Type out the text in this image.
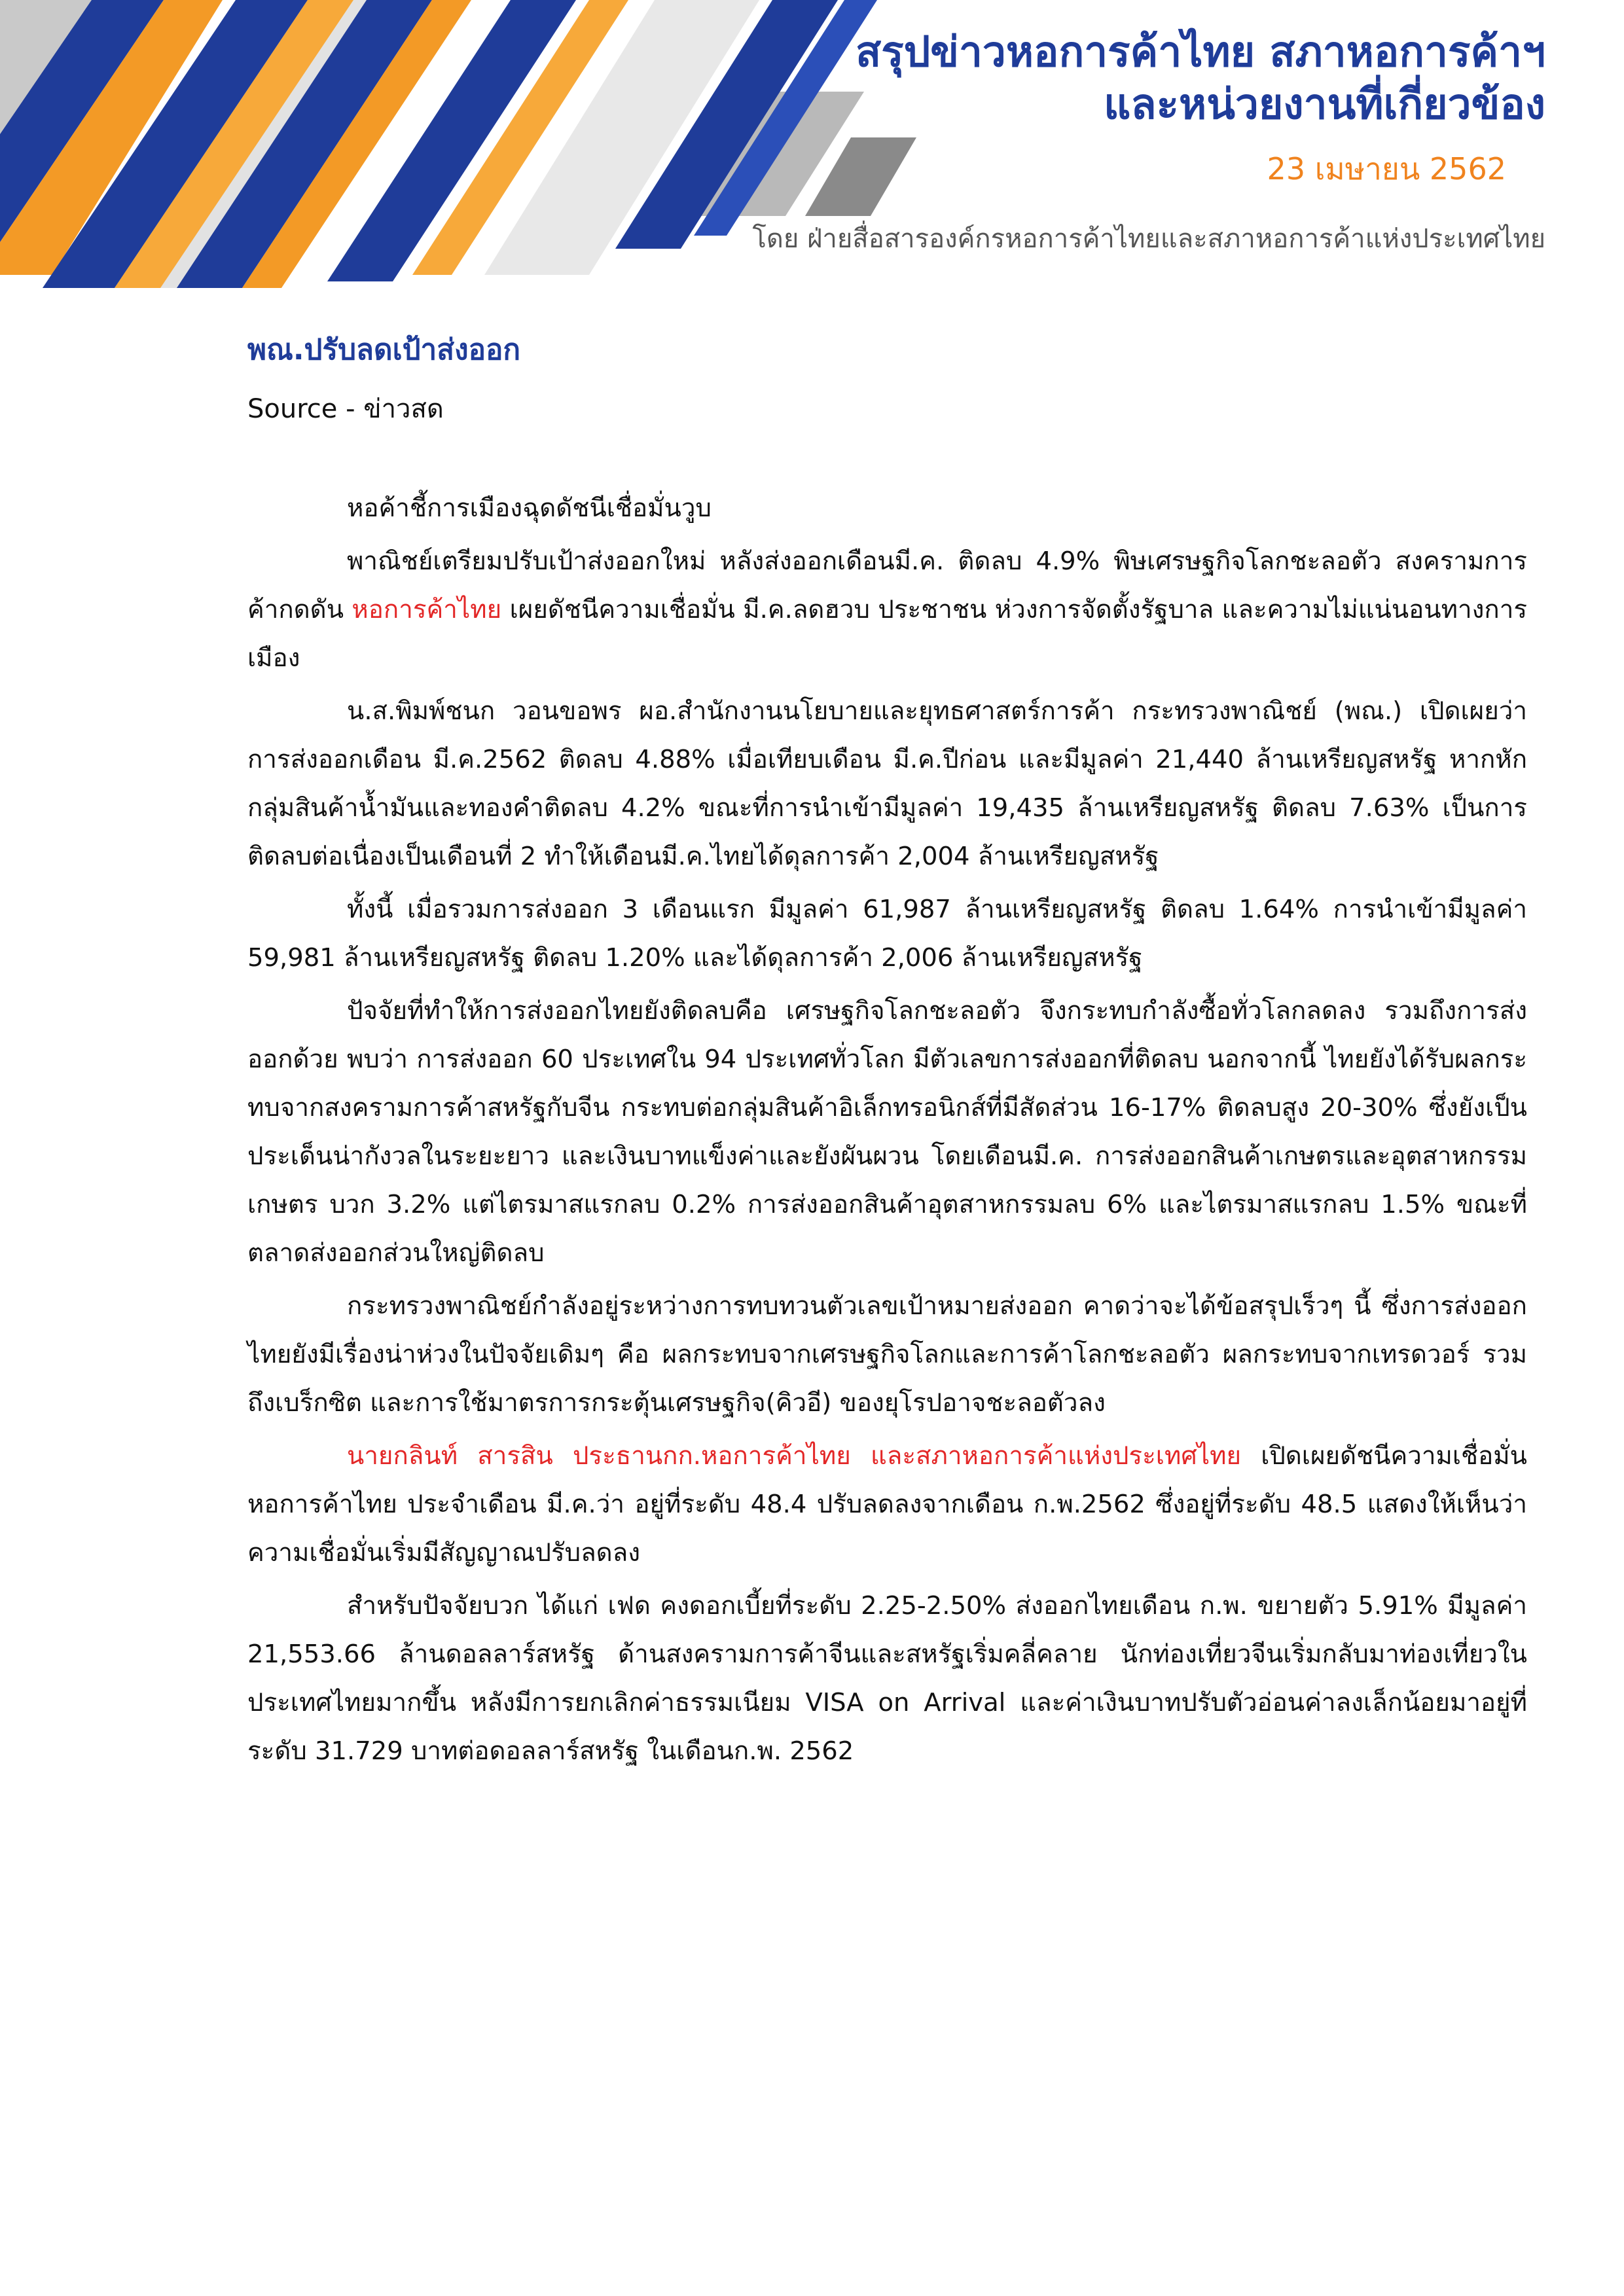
สรุปข่าวหอการค้าไทย สภาหอการค้าฯ
และหน่วยงานที่เกี่ยวข้อง
23 เมษายน 2562
โดย ฝ่ายสื่อสารองค์กรหอการค้าไทยและสภาหอการค้าแห่งประเทศไทย
พณ.ปรับลดเป้าส่งออก

Source - ข่าวสด

หอค้าชี้การเมืองฉุดดัชนีเชื่อมั่นวูบ

พาณิชย์เตรียมปรับเป้าส่งออกใหม่ หลังส่งออกเดือนมี.ค. ติดลบ 4.9% พิษเศรษฐกิจโลกชะลอตัว สงครามการค้ากดดัน หอการค้าไทย เผยดัชนีความเชื่อมั่น มี.ค.ลดฮวบ ประชาชน ห่วงการจัดตั้งรัฐบาล และความไม่แน่นอนทางการเมือง

น.ส.พิมพ์ชนก วอนขอพร ผอ.สำนักงานนโยบายและยุทธศาสตร์การค้า กระทรวงพาณิชย์ (พณ.) เปิดเผยว่า การส่งออกเดือน มี.ค.2562 ติดลบ 4.88% เมื่อเทียบเดือน มี.ค.ปีก่อน และมีมูลค่า 21,440 ล้านเหรียญสหรัฐ หากหักกลุ่มสินค้าน้ำมันและทองคำติดลบ 4.2% ขณะที่การนำเข้ามีมูลค่า 19,435 ล้านเหรียญสหรัฐ ติดลบ 7.63% เป็นการติดลบต่อเนื่องเป็นเดือนที่ 2 ทำให้เดือนมี.ค.ไทยได้ดุลการค้า 2,004 ล้านเหรียญสหรัฐ

ทั้งนี้ เมื่อรวมการส่งออก 3 เดือนแรก มีมูลค่า 61,987 ล้านเหรียญสหรัฐ ติดลบ 1.64% การนำเข้ามีมูลค่า 59,981 ล้านเหรียญสหรัฐ ติดลบ 1.20% และได้ดุลการค้า 2,006 ล้านเหรียญสหรัฐ

ปัจจัยที่ทำให้การส่งออกไทยยังติดลบคือ เศรษฐกิจโลกชะลอตัว จึงกระทบกำลังซื้อทั่วโลกลดลง รวมถึงการส่งออกด้วย พบว่า การส่งออก 60 ประเทศใน 94 ประเทศทั่วโลก มีตัวเลขการส่งออกที่ติดลบ นอกจากนี้ ไทยยังได้รับผลกระทบจากสงครามการค้าสหรัฐกับจีน กระทบต่อกลุ่มสินค้าอิเล็กทรอนิกส์ที่มีสัดส่วน 16-17% ติดลบสูง 20-30% ซึ่งยังเป็นประเด็นน่ากังวลในระยะยาว และเงินบาทแข็งค่าและยังผันผวน โดยเดือนมี.ค. การส่งออกสินค้าเกษตรและอุตสาหกรรมเกษตร บวก 3.2% แต่ไตรมาสแรกลบ 0.2% การส่งออกสินค้าอุตสาหกรรมลบ 6% และไตรมาสแรกลบ 1.5% ขณะที่ตลาดส่งออกส่วนใหญ่ติดลบ

กระทรวงพาณิชย์กำลังอยู่ระหว่างการทบทวนตัวเลขเป้าหมายส่งออก คาดว่าจะได้ข้อสรุปเร็วๆ นี้ ซึ่งการส่งออกไทยยังมีเรื่องน่าห่วงในปัจจัยเดิมๆ คือ ผลกระทบจากเศรษฐกิจโลกและการค้าโลกชะลอตัว ผลกระทบจากเทรดวอร์ รวมถึงเบร็กซิต และการใช้มาตรการกระตุ้นเศรษฐกิจ(คิวอี) ของยุโรปอาจชะลอตัวลง

นายกลินท์ สารสิน ประธานกก.หอการค้าไทย และสภาหอการค้าแห่งประเทศไทย เปิดเผยดัชนีความเชื่อมั่นหอการค้าไทย ประจำเดือน มี.ค.ว่า อยู่ที่ระดับ 48.4 ปรับลดลงจากเดือน ก.พ.2562 ซึ่งอยู่ที่ระดับ 48.5 แสดงให้เห็นว่าความเชื่อมั่นเริ่มมีสัญญาณปรับลดลง

สำหรับปัจจัยบวก ได้แก่ เฟด คงดอกเบี้ยที่ระดับ 2.25-2.50% ส่งออกไทยเดือน ก.พ. ขยายตัว 5.91% มีมูลค่า 21,553.66 ล้านดอลลาร์สหรัฐ ด้านสงครามการค้าจีนและสหรัฐเริ่มคลี่คลาย นักท่องเที่ยวจีนเริ่มกลับมาท่องเที่ยวในประเทศไทยมากขึ้น หลังมีการยกเลิกค่าธรรมเนียม VISA on Arrival และค่าเงินบาทปรับตัวอ่อนค่าลงเล็กน้อยมาอยู่ที่ระดับ 31.729 บาทต่อดอลลาร์สหรัฐ ในเดือนก.พ. 2562
